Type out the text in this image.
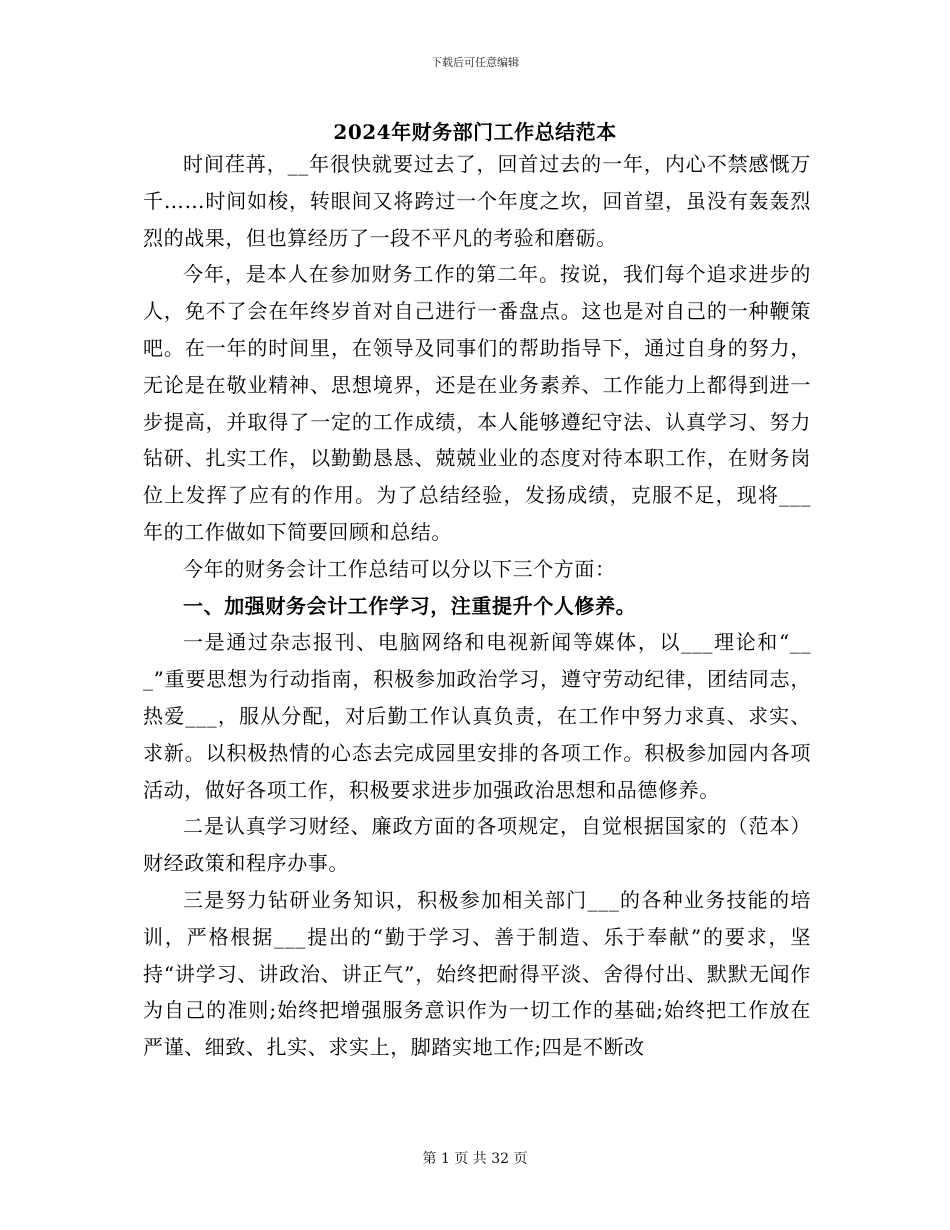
下载后可任意编辑
2024年财务部门工作总结范本

时间荏苒，__年很快就要过去了，回首过去的一年，内心不禁感慨万千……时间如梭，转眼间又将跨过一个年度之坎，回首望，虽没有轰轰烈烈的战果，但也算经历了一段不平凡的考验和磨砺。

今年，是本人在参加财务工作的第二年。按说，我们每个追求进步的人，免不了会在年终岁首对自己进行一番盘点。这也是对自己的一种鞭策吧。在一年的时间里，在领导及同事们的帮助指导下，通过自身的努力，无论是在敬业精神、思想境界，还是在业务素养、工作能力上都得到进一步提高，并取得了一定的工作成绩，本人能够遵纪守法、认真学习、努力钻研、扎实工作，以勤勤恳恳、兢兢业业的态度对待本职工作，在财务岗位上发挥了应有的作用。为了总结经验，发扬成绩，克服不足，现将___年的工作做如下简要回顾和总结。

今年的财务会计工作总结可以分以下三个方面：

一、加强财务会计工作学习，注重提升个人修养。

一是通过杂志报刊、电脑网络和电视新闻等媒体，以___理论和“___”重要思想为行动指南，积极参加政治学习，遵守劳动纪律，团结同志，热爱___，服从分配，对后勤工作认真负责，在工作中努力求真、求实、求新。以积极热情的心态去完成园里安排的各项工作。积极参加园内各项活动，做好各项工作，积极要求进步加强政治思想和品德修养。

二是认真学习财经、廉政方面的各项规定，自觉根据国家的（范本）财经政策和程序办事。

三是努力钻研业务知识，积极参加相关部门___的各种业务技能的培训，严格根据___提出的“勤于学习、善于制造、乐于奉献”的要求，坚持“讲学习、讲政治、讲正气”，始终把耐得平淡、舍得付出、默默无闻作为自己的准则;始终把增强服务意识作为一切工作的基础;始终把工作放在严谨、细致、扎实、求实上，脚踏实地工作;四是不断改

第 1 页 共 32 页
